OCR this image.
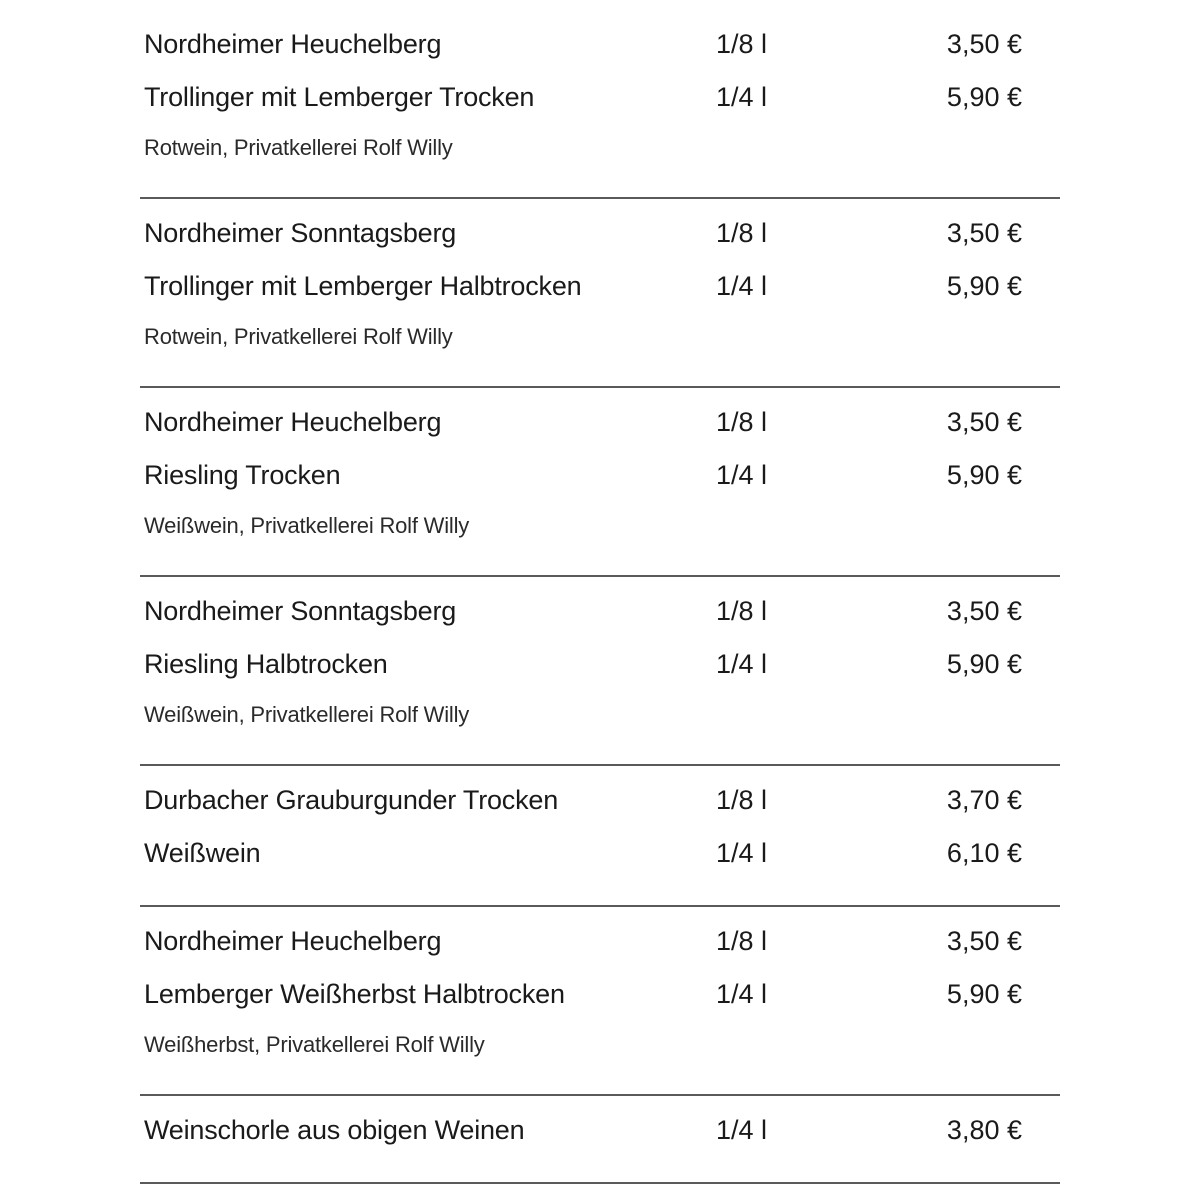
Nordheimer Heuchelberg	1/8 l	3,50 €
Trollinger mit Lemberger Trocken	1/4 l	5,90 €
Rotwein, Privatkellerei Rolf Willy
Nordheimer Sonntagsberg	1/8 l	3,50 €
Trollinger mit Lemberger Halbtrocken	1/4 l	5,90 €
Rotwein, Privatkellerei Rolf Willy
Nordheimer Heuchelberg	1/8 l	3,50 €
Riesling Trocken	1/4 l	5,90 €
Weißwein, Privatkellerei Rolf Willy
Nordheimer Sonntagsberg	1/8 l	3,50 €
Riesling Halbtrocken	1/4 l	5,90 €
Weißwein, Privatkellerei Rolf Willy
Durbacher Grauburgunder Trocken	1/8 l	3,70 €
Weißwein	1/4 l	6,10 €
Nordheimer Heuchelberg	1/8 l	3,50 €
Lemberger Weißherbst Halbtrocken	1/4 l	5,90 €
Weißherbst, Privatkellerei Rolf Willy
Weinschorle aus obigen Weinen	1/4 l	3,80 €
